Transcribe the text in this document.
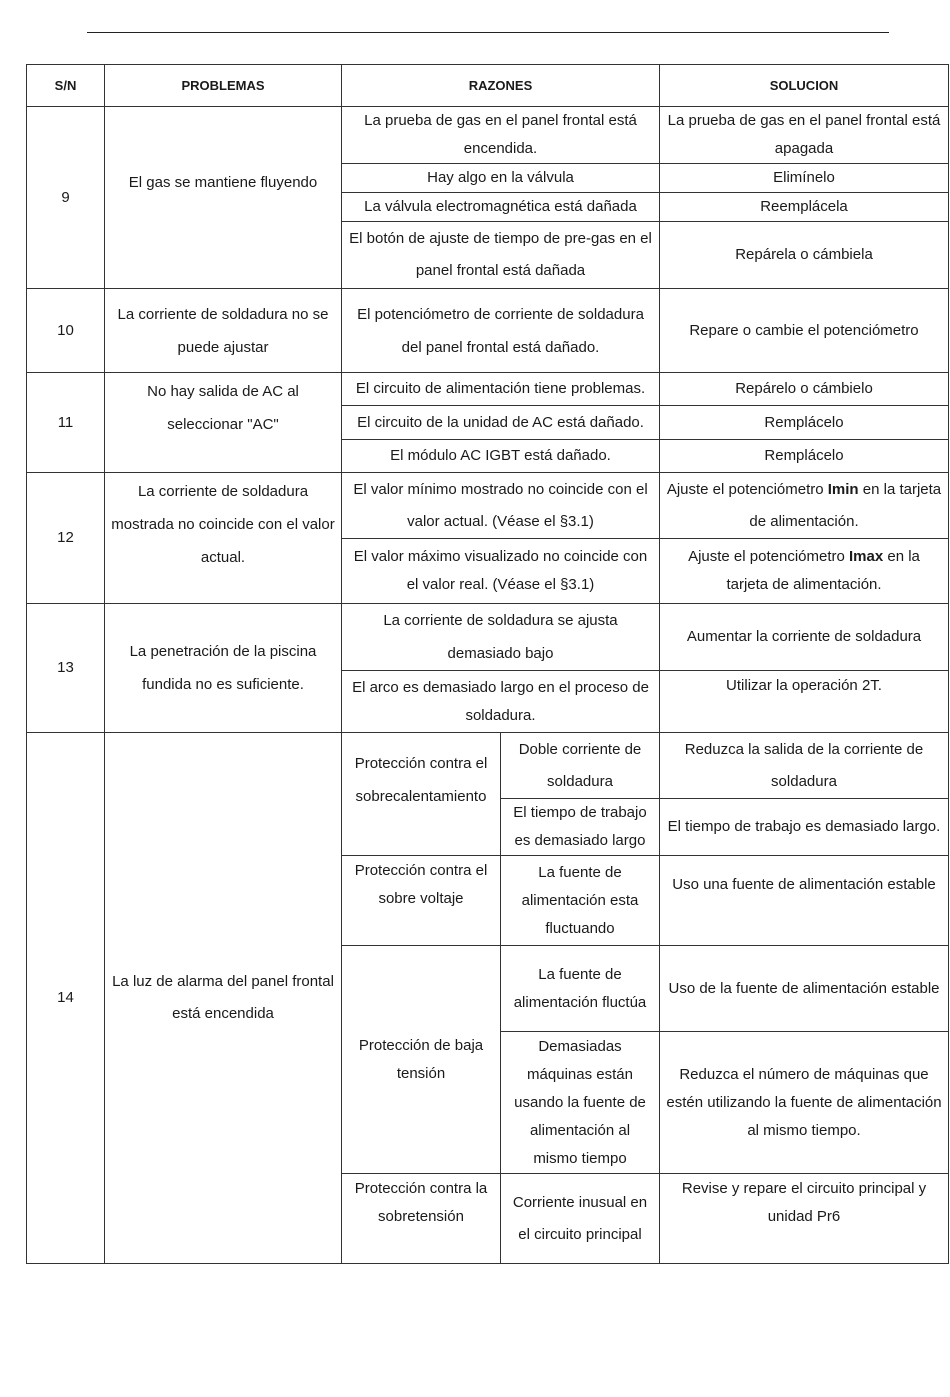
S/N	PROBLEMAS	RAZONES		SOLUCION
9	El gas se mantiene fluyendo	La prueba de gas en el panel frontal está encendida.		La prueba de gas en el panel frontal está apagada
		Hay algo en la válvula		Elimínelo
		La válvula electromagnética está dañada		Reemplácela
		El botón de ajuste de tiempo de pre-gas en el panel frontal está dañada		Repárela o cámbiela
10	La corriente de soldadura no se puede ajustar	El potenciómetro de corriente de soldadura del panel frontal está dañado.		Repare o cambie el potenciómetro
11	No hay salida de AC al seleccionar "AC"	El circuito de alimentación tiene problemas.		Repárelo o cámbielo
		El circuito de la unidad de AC está dañado.		Remplácelo
		El módulo AC IGBT está dañado.		Remplácelo
12	La corriente de soldadura mostrada no coincide con el valor actual.	El valor mínimo mostrado no coincide con el valor actual. (Véase el §3.1)		Ajuste el potenciómetro Imin en la tarjeta de alimentación.
		El valor máximo visualizado no coincide con el valor real. (Véase el §3.1)		Ajuste el potenciómetro Imax en la tarjeta de alimentación.
13	La penetración de la piscina fundida no es suficiente.	La corriente de soldadura se ajusta demasiado bajo		Aumentar la corriente de soldadura
		El arco es demasiado largo en el proceso de soldadura.		Utilizar la operación 2T.
14	La luz de alarma del panel frontal está encendida	Protección contra el sobrecalentamiento	Doble corriente de soldadura	Reduzca la salida de la corriente de soldadura
			El tiempo de trabajo es demasiado largo	El tiempo de trabajo es demasiado largo.
		Protección contra el sobre voltaje	La fuente de alimentación esta fluctuando	Uso una fuente de alimentación estable
		Protección de baja tensión	La fuente de alimentación fluctúa	Uso de la fuente de alimentación estable
			Demasiadas máquinas están usando la fuente de alimentación al mismo tiempo	Reduzca el número de máquinas que estén utilizando la fuente de alimentación al mismo tiempo.
		Protección contra la sobretensión	Corriente inusual en el circuito principal	Revise y repare el circuito principal y unidad Pr6
